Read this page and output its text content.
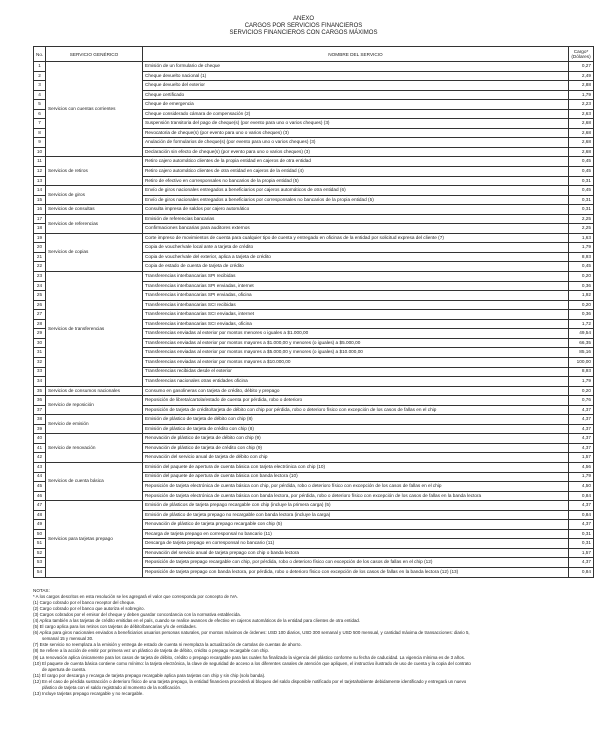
ANEXO
CARGOS POR SERVICIOS FINANCIEROS
SERVICIOS FINANCIEROS CON CARGOS MÁXIMOS
No.	SERVICIO GENÉRICO	NOMBRE DEL SERVICIO	Cargo*
(Dólares)
1	Servicios con cuentas corrientes	Emisión de un formulario de cheque	0,27
2		Cheque devuelto nacional (1)	2,49
3		Cheque devuelto del exterior	2,88
4		Cheque certificado	1,79
5		Cheque de emergencia	2,23
6		Cheque considerado cámara de compensación (2)	2,63
7		Suspensión transitoria del pago de cheque(s) (por evento para uno o varios cheques) (3)	2,68
8		Revocatoria de cheque(s) (por evento para uno o varios cheques) (3)	2,68
9		Anulación de formularios de cheque(s) (por evento para uno o varios cheques) (3)	2,68
10		Declaración sin efecto de cheque(s) (por evento para uno o varios cheques) (3)	2,68
11	Servicios de retiros	Retiro cajero automático clientes de la propia entidad en cajeros de otra entidad	0,45
12		Retiro cajero automático clientes de otra entidad en cajeros de la entidad (4)	0,45
13		Retiro de efectivo en corresponsales no bancarios de la propia entidad (5)	0,31
14	Servicios de giros	Envío de giros nacionales entregados a beneficiarios por cajeros automáticos de otra entidad (6)	0,45
15		Envío de giros nacionales entregados a beneficiarios por corresponsales no bancarios de la propia entidad (5)	0,31
16	Servicios de consultas	Consulta impresa de saldos por cajero automático	0,31
17	Servicios de referencias	Emisión de referencias bancarias	2,25
18		Confirmaciones bancarias para auditores externos	2,25
19	Servicios de copias	Corte impreso de movimientos de cuenta para cualquier tipo de cuenta y entregado en oficinas de la entidad por solicitud expresa del cliente (7)	1,63
20		Copia de voucher/vale local ante a tarjeta de crédito	1,79
21		Copia de voucher/vale del exterior, aplica a tarjeta de crédito	8,93
22		Copia de estado de cuenta de tarjeta de crédito	0,45
23	Servicios de transferencias	Transferencias interbancarias SPI recibidas	0,20
24		Transferencias interbancarias SPI enviadas, internet	0,36
25		Transferencias interbancarias SPI enviadas, oficina	1,92
26		Transferencias interbancarias SCI recibidas	0,20
27		Transferencias interbancarias SCI enviadas, internet	0,36
28		Transferencias interbancarias SCI enviadas, oficina	1,72
29		Transferencias enviadas al exterior por montos menores o iguales a $1.000,00	49,54
30		Transferencias enviadas al exterior por montos mayores a $1.000,00 y menores (o iguales) a $5.000,00	66,35
31		Transferencias enviadas al exterior por montos mayores a $5.000,00 y menores (o iguales) a $10.000,00	85,16
32		Transferencias enviadas al exterior por montos mayores a $10.000,00	100,00
33		Transferencias recibidas desde el exterior	8,93
34		Transferencias nacionales otras entidades oficina	1,79
35	Servicios de consumos nacionales	Consumo en gasolineras con tarjeta de crédito, débito y prepago	0,20
36	Servicio de reposición	Reposición de libreta/cartola/estado de cuenta por pérdida, robo o deterioro	0,76
37		Reposición de tarjeta de crédito/tarjeta de débito con chip por pérdida, robo o deterioro físico con excepción de los casos de fallas en el chip	4,37
38	Servicio de emisión	Emisión de plástico de tarjeta de débito con chip (8)	4,37
39		Emisión de plástico de tarjeta de crédito con chip (8)	4,37
40	Servicio de renovación	Renovación de plástico de tarjeta de débito con chip (9)	4,37
41		Renovación de plástico de tarjeta de crédito con chip (9)	4,37
42		Renovación del servicio anual de tarjeta de débito con chip	1,57
43	Servicios de cuenta básica	Emisión del paquete de apertura de cuenta básica con tarjeta electrónica con chip (10)	4,56
44		Emisión del paquete de apertura de cuenta básica con banda lectora (10)	1,79
45		Reposición de tarjeta electrónica de cuenta básica con chip, por pérdida, robo o deterioro físico con excepción de los casos de fallas en el chip	4,50
46		Reposición de tarjeta electrónica de cuenta básica con banda lectora, por pérdida, robo o deterioro físico con excepción de los casos de fallas en la banda lectora	0,84
47	Servicios para tarjetas prepago	Emisión de plásticos de tarjeta prepago recargable con chip (incluye la primera carga) (5)	4,37
48		Emisión de plástico de tarjeta prepago no recargable con banda lectora (incluye la carga)	0,84
49		Renovación de plástico de tarjeta prepago recargable con chip (5)	4,37
50		Recarga de tarjeta prepago en corresponsal no bancario (11)	0,31
51		Descarga de tarjeta prepago en corresponsal no bancario (11)	0,31
52		Renovación del servicio anual de tarjeta prepago con chip o banda lectora	1,57
53		Reposición de tarjeta prepago recargable con chip, por pérdida, robo o deterioro físico con excepción de los casos de fallas en el chip (12)	4,37
54		Reposición de tarjeta prepago con banda lectora, por pérdida, robo o deterioro físico con excepción de los casos de fallas en la banda lectora (12) (13)	0,84
NOTAS:
* A los cargos descritos en esta resolución se les agregará el valor que corresponda por concepto de IVA.
(1) Cargo cobrado por el banco receptor del cheque.
(2) Cargo cobrado por el banco que autoriza el sobregiro.
(3) Cargos cobrados por el emisor del cheque y deben guardar concordancia con la normativa establecida.
(4) Aplica también a las tarjetas de crédito emitidas en el país, cuando se realice avances de efectivo en cajeros automáticos de la entidad para clientes de otra entidad.
(5) El cargo aplica para los retiros con tarjetas de débito/bancarias y/o de entidades.
(6) Aplica para giros nacionales enviados a beneficiarios usuarios personas naturales, por montos máximos de órdenes: USD 100 diarios, USD 300 semanal y USD 500 mensual, y cantidad máxima de transacciones: diario 5,
semanal 15 y mensual 30.
(7) Este servicio no reemplaza a la emisión y entrega de estado de cuenta ni reemplaza la actualización de cartolas de cuentas de ahorro.
(8) Se refiere a la acción de emitir por primera vez un plástico de tarjeta de débito, crédito o prepago recargable con chip.
(9) La renovación aplica únicamente para los casos de tarjeta de débito, crédito o prepago recargable para las cuales ha finalizado la vigencia del plástico conforme su fecha de caducidad. La vigencia mínima es de 3 años.
(10) El paquete de cuenta básica contiene como mínimo: la tarjeta electrónica, la clave de seguridad de acceso a los diferentes canales de atención que apliquen, el instructivo ilustrado de uso de cuenta y la copia del contrato
de apertura de cuenta.
(11) El cargo por descarga y recarga de tarjeta prepago recargable aplica para tarjetas con chip y sin chip (solo banda).
(12) En el caso de pérdida sustracción o deterioro físico de una tarjeta prepago, la entidad financiera procederá al bloqueo del saldo disponible notificado por el tarjetahabiente debidamente identificado y entregará un nuevo
plástico de tarjeta con el saldo registrado al momento de la notificación.
(13) Incluye tarjetas prepago recargable y no recargable.
